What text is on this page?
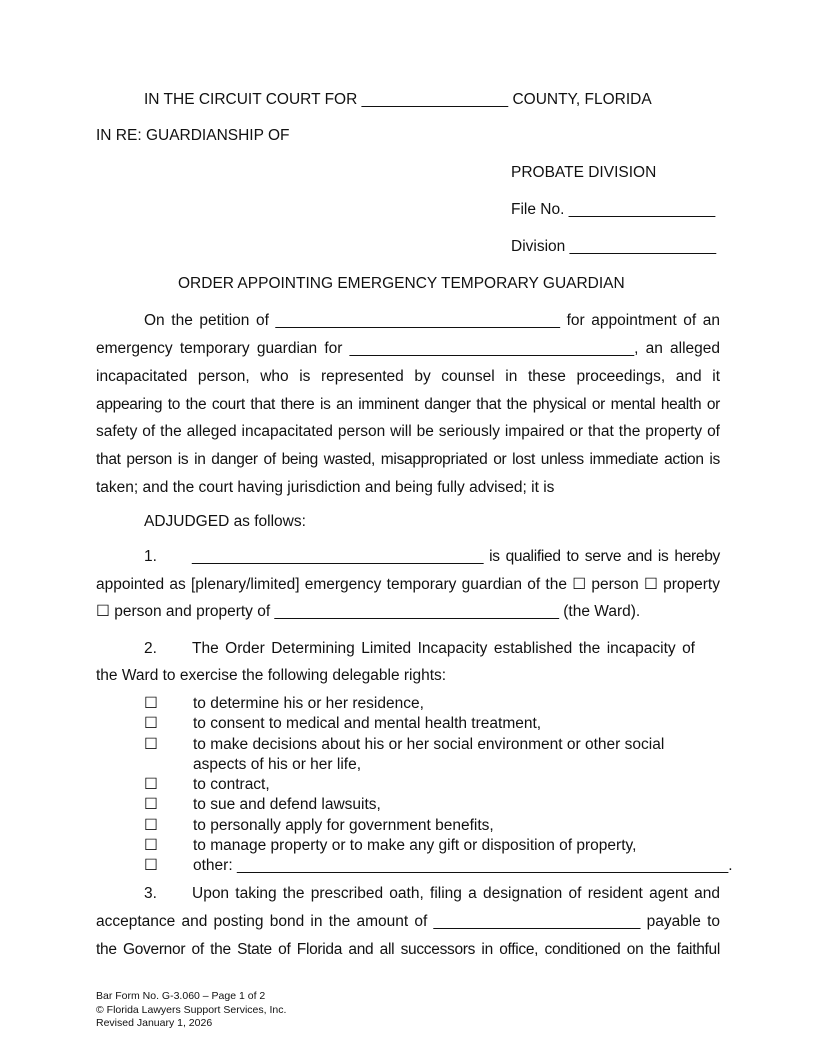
IN THE CIRCUIT COURT FOR _________________ COUNTY, FLORIDA
IN RE: GUARDIANSHIP OF
PROBATE DIVISION
File No. _________________
Division _________________
ORDER APPOINTING EMERGENCY TEMPORARY GUARDIAN
On the petition of _________________________________ for appointment of an
emergency temporary guardian for _________________________________, an alleged
incapacitated person, who is represented by counsel in these proceedings, and it
appearing to the court that there is an imminent danger that the physical or mental health or
safety of the alleged incapacitated person will be seriously impaired or that the property of
that person is in danger of being wasted, misappropriated or lost unless immediate action is
taken; and the court having jurisdiction and being fully advised; it is
ADJUDGED as follows:
1. ___________________________________ is qualified to serve and is hereby
appointed as [plenary/limited] emergency temporary guardian of the ☐ person ☐ property
☐ person and property of _________________________________ (the Ward).
2. The Order Determining Limited Incapacity established the incapacity of
the Ward to exercise the following delegable rights:
☐ to determine his or her residence,
☐ to consent to medical and mental health treatment,
☐ to make decisions about his or her social environment or other social
aspects of his or her life,
☐ to contract,
☐ to sue and defend lawsuits,
☐ to personally apply for government benefits,
☐ to manage property or to make any gift or disposition of property,
☐ other: _________________________________________________________.
3. Upon taking the prescribed oath, filing a designation of resident agent and
acceptance and posting bond in the amount of ________________________ payable to
the Governor of the State of Florida and all successors in office, conditioned on the faithful
Bar Form No. G-3.060 – Page 1 of 2
© Florida Lawyers Support Services, Inc.
Revised January 1, 2026
